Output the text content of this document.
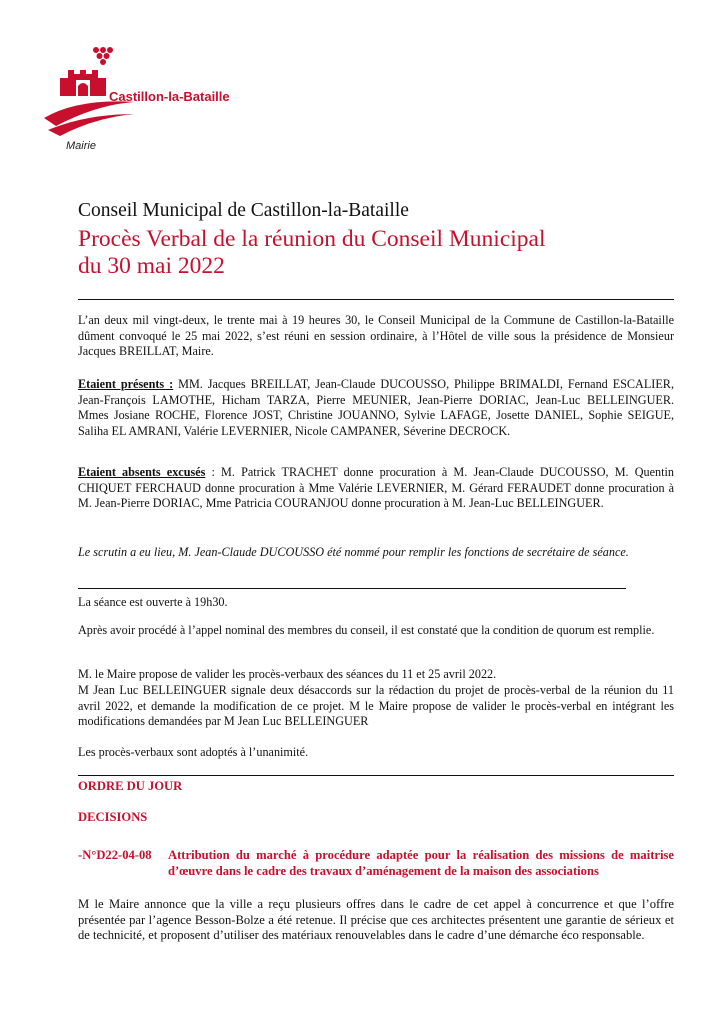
Castillon-la-Bataille
Mairie
Conseil Municipal de Castillon-la-Bataille
Procès Verbal de la réunion du Conseil Municipal
du 30 mai 2022
L’an deux mil vingt-deux, le trente mai à 19 heures 30, le Conseil Municipal de la Commune de Castillon-la-Bataille dûment convoqué le 25 mai 2022, s’est réuni en session ordinaire, à l’Hôtel de ville sous la présidence de Monsieur Jacques BREILLAT, Maire.
Etaient présents : MM. Jacques BREILLAT, Jean-Claude DUCOUSSO, Philippe BRIMALDI, Fernand ESCALIER, Jean-François LAMOTHE, Hicham TARZA, Pierre MEUNIER, Jean-Pierre DORIAC, Jean-Luc BELLEINGUER. Mmes Josiane ROCHE, Florence JOST, Christine JOUANNO, Sylvie LAFAGE, Josette DANIEL, Sophie SEIGUE, Saliha EL AMRANI, Valérie LEVERNIER, Nicole CAMPANER, Séverine DECROCK.
Etaient absents excusés : M. Patrick TRACHET donne procuration à M. Jean-Claude DUCOUSSO, M. Quentin CHIQUET FERCHAUD donne procuration à Mme Valérie LEVERNIER, M. Gérard FERAUDET donne procuration à M. Jean-Pierre DORIAC, Mme Patricia COURANJOU donne procuration à M. Jean-Luc BELLEINGUER.
Le scrutin a eu lieu, M. Jean-Claude DUCOUSSO été nommé pour remplir les fonctions de secrétaire de séance.
La séance est ouverte à 19h30.
Après avoir procédé à l’appel nominal des membres du conseil, il est constaté que la condition de quorum est remplie.
M. le Maire propose de valider les procès-verbaux des séances du 11 et 25 avril 2022.
M Jean Luc BELLEINGUER signale deux désaccords sur la rédaction du projet de procès-verbal de la réunion du 11 avril 2022, et demande la modification de ce projet. M le Maire propose de valider le procès-verbal en intégrant les modifications demandées par M Jean Luc BELLEINGUER
Les procès-verbaux sont adoptés à l’unanimité.
ORDRE DU JOUR
DECISIONS
-N°D22-04-08 Attribution du marché à procédure adaptée pour la réalisation des missions de maitrise d’œuvre dans le cadre des travaux d’aménagement de la maison des associations
M le Maire annonce que la ville a reçu plusieurs offres dans le cadre de cet appel à concurrence et que l’offre présentée par l’agence Besson-Bolze a été retenue. Il précise que ces architectes présentent une garantie de sérieux et de technicité, et proposent d’utiliser des matériaux renouvelables dans le cadre d’une démarche éco responsable.
